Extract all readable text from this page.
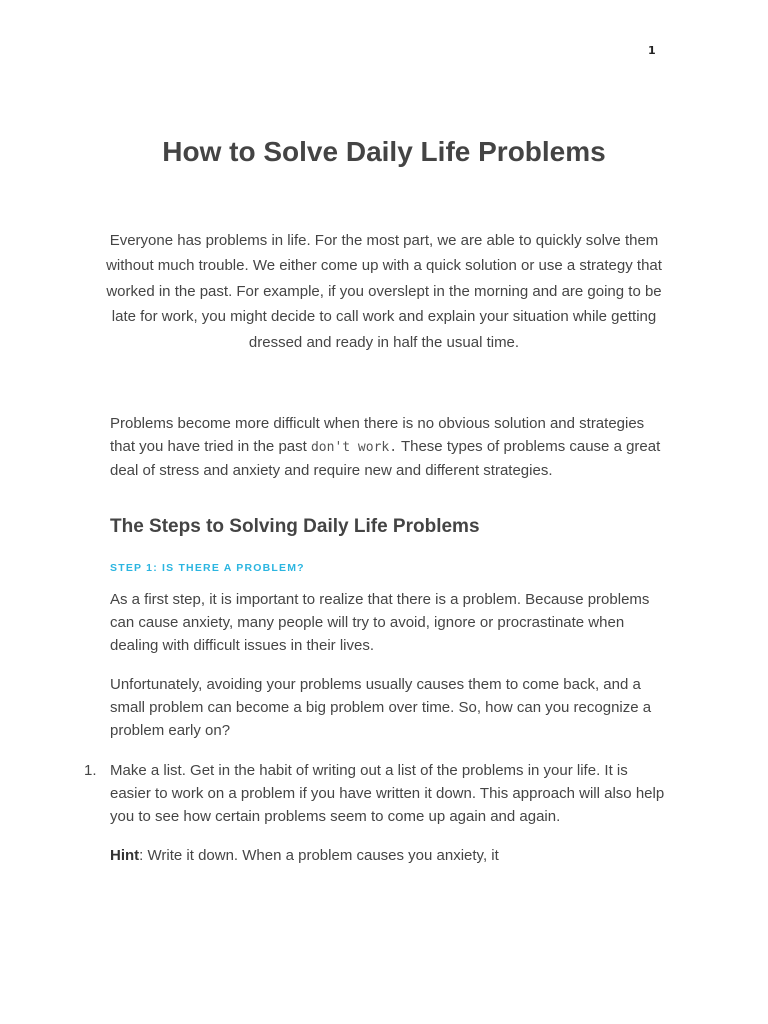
1
How to Solve Daily Life Problems

Everyone has problems in life. For the most part, we are able to quickly solve them without much trouble. We either come up with a quick solution or use a strategy that worked in the past. For example, if you overslept in the morning and are going to be late for work, you might decide to call work and explain your situation while getting dressed and ready in half the usual time.

Problems become more difficult when there is no obvious solution and strategies that you have tried in the past don't work. These types of problems cause a great deal of stress and anxiety and require new and different strategies.

The Steps to Solving Daily Life Problems
STEP 1: IS THERE A PROBLEM?

As a first step, it is important to realize that there is a problem. Because problems can cause anxiety, many people will try to avoid, ignore or procrastinate when dealing with difficult issues in their lives.

Unfortunately, avoiding your problems usually causes them to come back, and a small problem can become a big problem over time. So, how can you recognize a problem early on?

1. Make a list. Get in the habit of writing out a list of the problems in your life. It is easier to work on a problem if you have written it down. This approach will also help you to see how certain problems seem to come up again and again.

Hint: Write it down. When a problem causes you anxiety, it
